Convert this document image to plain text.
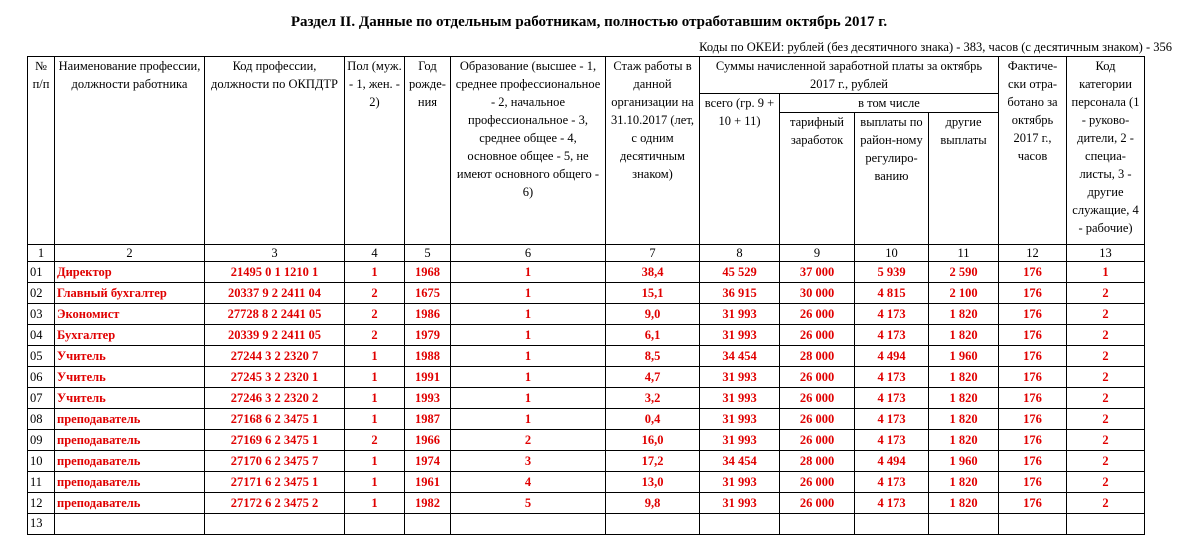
Раздел II. Данные по отдельным работникам, полностью отработавшим октябрь 2017 г.
Коды по ОКЕИ: рублей (без десятичного знака) - 383, часов (с десятичным знаком) - 356
№ п/п	Наименование профессии, должности работника	Код профессии, должности по ОКПДТР	Пол (муж. - 1, жен. - 2)	Год рожде-ния	Образование (высшее - 1, среднее профессиональное - 2, начальное профессиональное - 3, среднее общее - 4, основное общее - 5, не имеют основного общего - 6)	Стаж работы в данной организации на 31.10.2017 (лет, с одним десятичным знаком)	Суммы начисленной заработной платы за октябрь 2017 г., рублей				Фактиче-ски отра-ботано за октябрь 2017 г., часов	Код категории персонала (1 - руково-дители, 2 - специа-листы, 3 - другие служащие, 4 - рабочие)
							всего (гр. 9 + 10 + 11)	в том числе				
								тарифный заработок	выплаты по район-ному регулиро-ванию	другие выплаты		
1	2	3	4	5	6	7	8	9	10	11	12	13
01	Директор	21495 0 1 1210 1	1	1968	1	38,4	45 529	37 000	5 939	2 590	176	1
02	Главный бухгалтер	20337 9 2 2411 04	2	1675	1	15,1	36 915	30 000	4 815	2 100	176	2
03	Экономист	27728 8 2 2441 05	2	1986	1	9,0	31 993	26 000	4 173	1 820	176	2
04	Бухгалтер	20339 9 2 2411 05	2	1979	1	6,1	31 993	26 000	4 173	1 820	176	2
05	Учитель	27244 3 2 2320 7	1	1988	1	8,5	34 454	28 000	4 494	1 960	176	2
06	Учитель	27245 3 2 2320 1	1	1991	1	4,7	31 993	26 000	4 173	1 820	176	2
07	Учитель	27246 3 2 2320 2	1	1993	1	3,2	31 993	26 000	4 173	1 820	176	2
08	преподаватель	27168 6 2 3475 1	1	1987	1	0,4	31 993	26 000	4 173	1 820	176	2
09	преподаватель	27169 6 2 3475 1	2	1966	2	16,0	31 993	26 000	4 173	1 820	176	2
10	преподаватель	27170 6 2 3475 7	1	1974	3	17,2	34 454	28 000	4 494	1 960	176	2
11	преподаватель	27171 6 2 3475 1	1	1961	4	13,0	31 993	26 000	4 173	1 820	176	2
12	преподаватель	27172 6 2 3475 2	1	1982	5	9,8	31 993	26 000	4 173	1 820	176	2
13												
